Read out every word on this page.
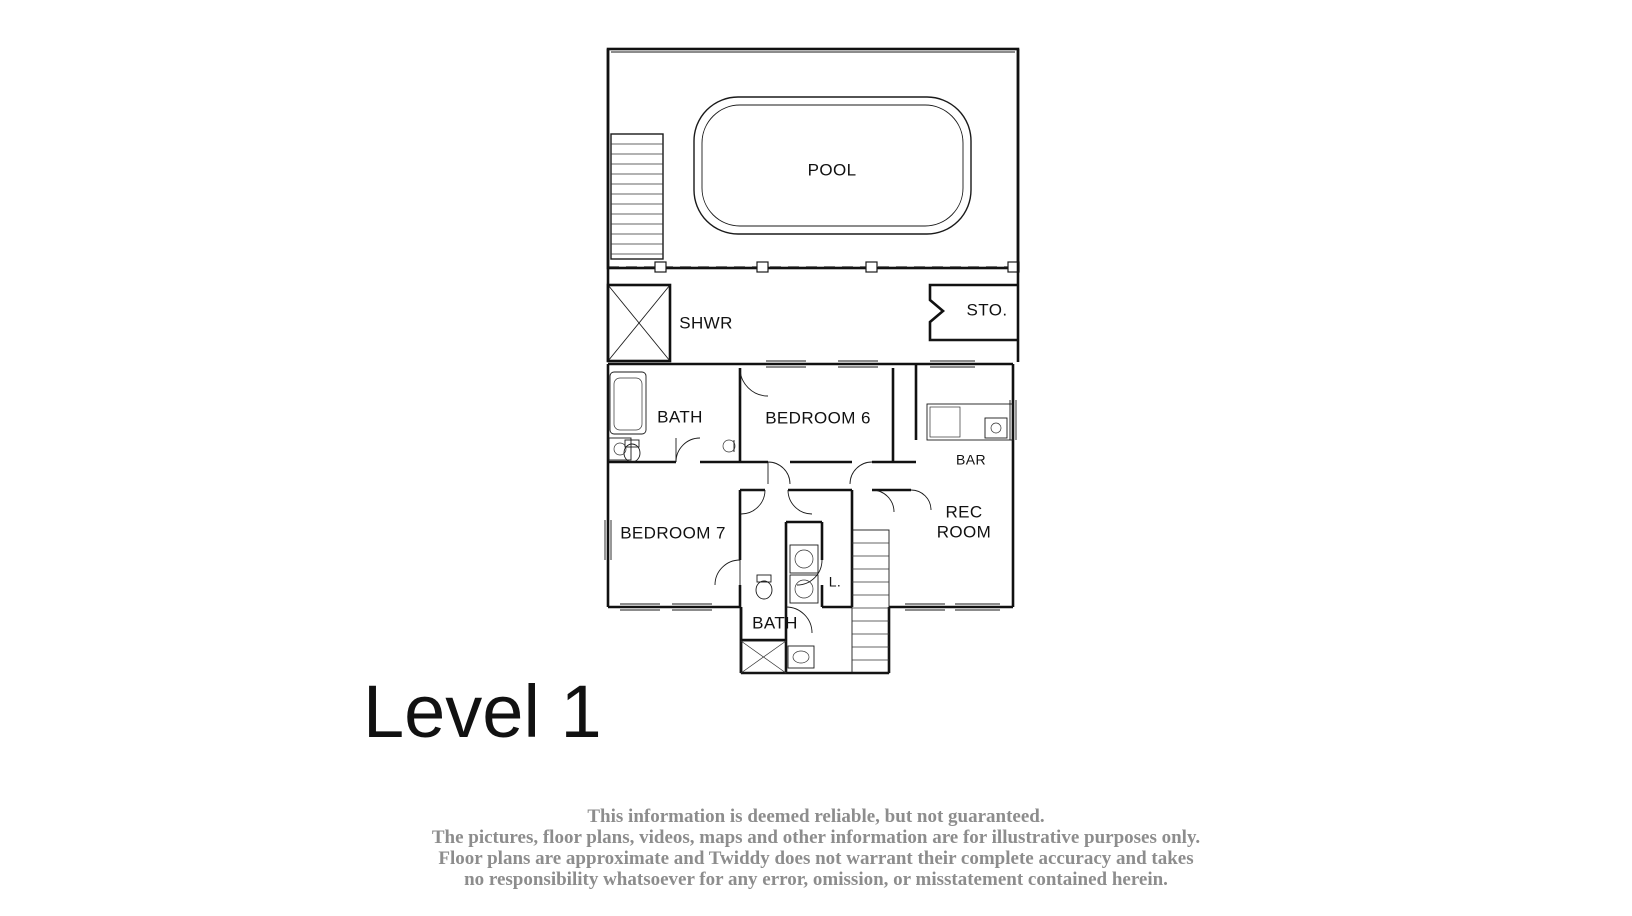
POOL
SHWR
STO.
BATH	BEDROOM 6
BAR
REC
ROOM
BEDROOM 7
L.
BATH
Level 1
This information is deemed reliable, but not guaranteed.
The pictures, floor plans, videos, maps and other information are for illustrative purposes only.
Floor plans are approximate and Twiddy does not warrant their complete accuracy and takes
no responsibility whatsoever for any error, omission, or misstatement contained herein.
